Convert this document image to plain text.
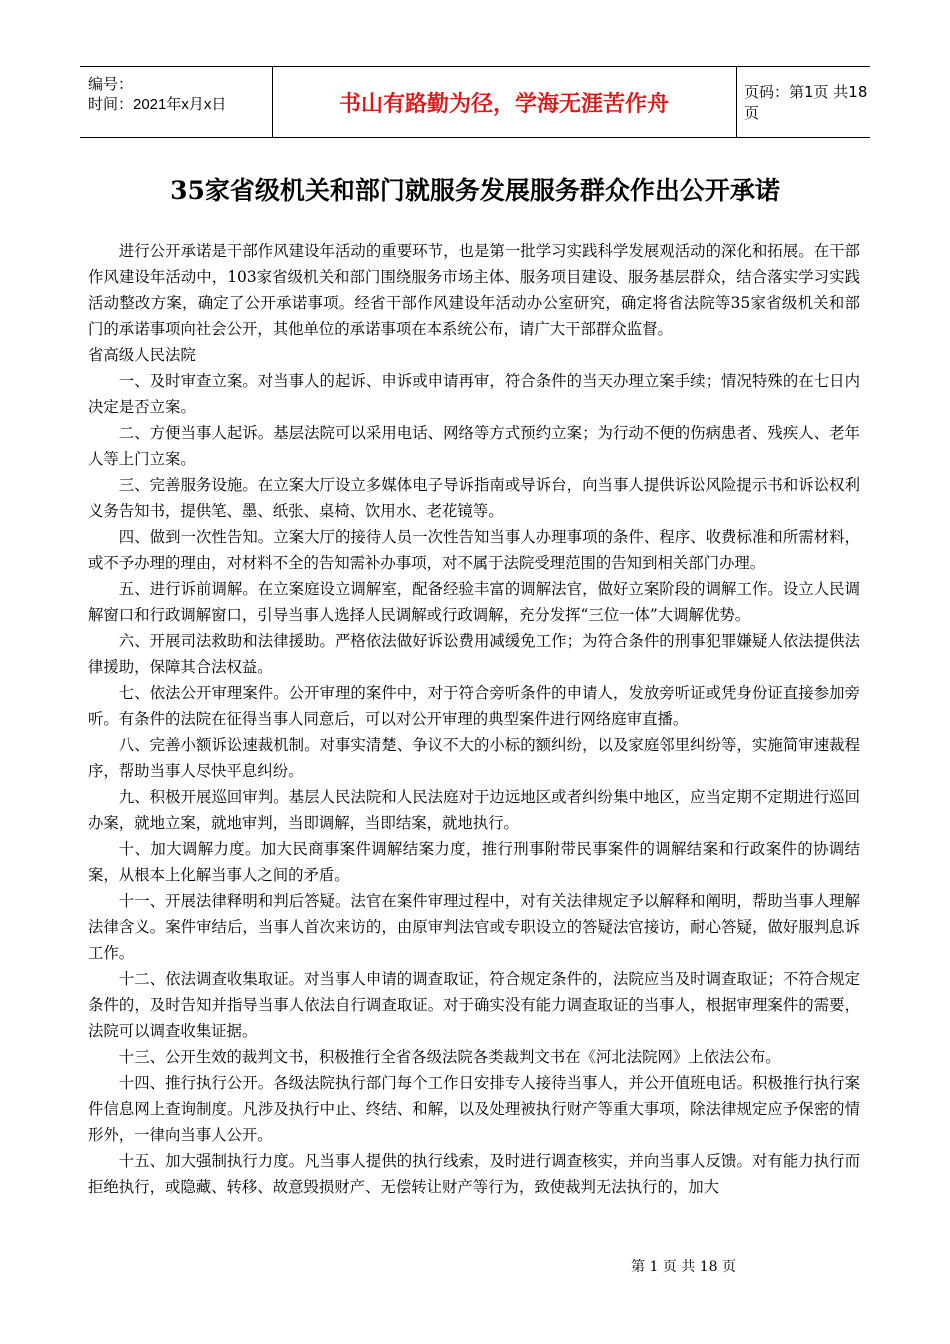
编号：
时间：2021年x月x日	书山有路勤为径，学海无涯苦作舟	页码：第1页 共18页
35家省级机关和部门就服务发展服务群众作出公开承诺

进行公开承诺是干部作风建设年活动的重要环节，也是第一批学习实践科学发展观活动的深化和拓展。在干部作风建设年活动中，103家省级机关和部门围绕服务市场主体、服务项目建设、服务基层群众，结合落实学习实践活动整改方案，确定了公开承诺事项。经省干部作风建设年活动办公室研究，确定将省法院等35家省级机关和部门的承诺事项向社会公开，其他单位的承诺事项在本系统公布，请广大干部群众监督。

省高级人民法院

一、及时审查立案。对当事人的起诉、申诉或申请再审，符合条件的当天办理立案手续；情况特殊的在七日内决定是否立案。

二、方便当事人起诉。基层法院可以采用电话、网络等方式预约立案；为行动不便的伤病患者、残疾人、老年人等上门立案。

三、完善服务设施。在立案大厅设立多媒体电子导诉指南或导诉台，向当事人提供诉讼风险提示书和诉讼权利义务告知书，提供笔、墨、纸张、桌椅、饮用水、老花镜等。

四、做到一次性告知。立案大厅的接待人员一次性告知当事人办理事项的条件、程序、收费标准和所需材料，或不予办理的理由，对材料不全的告知需补办事项，对不属于法院受理范围的告知到相关部门办理。

五、进行诉前调解。在立案庭设立调解室，配备经验丰富的调解法官，做好立案阶段的调解工作。设立人民调解窗口和行政调解窗口，引导当事人选择人民调解或行政调解，充分发挥“三位一体”大调解优势。

六、开展司法救助和法律援助。严格依法做好诉讼费用减缓免工作；为符合条件的刑事犯罪嫌疑人依法提供法律援助，保障其合法权益。

七、依法公开审理案件。公开审理的案件中，对于符合旁听条件的申请人，发放旁听证或凭身份证直接参加旁听。有条件的法院在征得当事人同意后，可以对公开审理的典型案件进行网络庭审直播。

八、完善小额诉讼速裁机制。对事实清楚、争议不大的小标的额纠纷，以及家庭邻里纠纷等，实施简审速裁程序，帮助当事人尽快平息纠纷。

九、积极开展巡回审判。基层人民法院和人民法庭对于边远地区或者纠纷集中地区，应当定期不定期进行巡回办案，就地立案，就地审判，当即调解，当即结案，就地执行。

十、加大调解力度。加大民商事案件调解结案力度，推行刑事附带民事案件的调解结案和行政案件的协调结案，从根本上化解当事人之间的矛盾。

十一、开展法律释明和判后答疑。法官在案件审理过程中，对有关法律规定予以解释和阐明，帮助当事人理解法律含义。案件审结后，当事人首次来访的，由原审判法官或专职设立的答疑法官接访，耐心答疑，做好服判息诉工作。

十二、依法调查收集取证。对当事人申请的调查取证，符合规定条件的，法院应当及时调查取证；不符合规定条件的，及时告知并指导当事人依法自行调查取证。对于确实没有能力调查取证的当事人，根据审理案件的需要，法院可以调查收集证据。

十三、公开生效的裁判文书，积极推行全省各级法院各类裁判文书在《河北法院网》上依法公布。

十四、推行执行公开。各级法院执行部门每个工作日安排专人接待当事人，并公开值班电话。积极推行执行案件信息网上查询制度。凡涉及执行中止、终结、和解，以及处理被执行财产等重大事项，除法律规定应予保密的情形外，一律向当事人公开。

十五、加大强制执行力度。凡当事人提供的执行线索，及时进行调查核实，并向当事人反馈。对有能力执行而拒绝执行，或隐藏、转移、故意毁损财产、无偿转让财产等行为，致使裁判无法执行的，加大

第 1 页 共 18 页
